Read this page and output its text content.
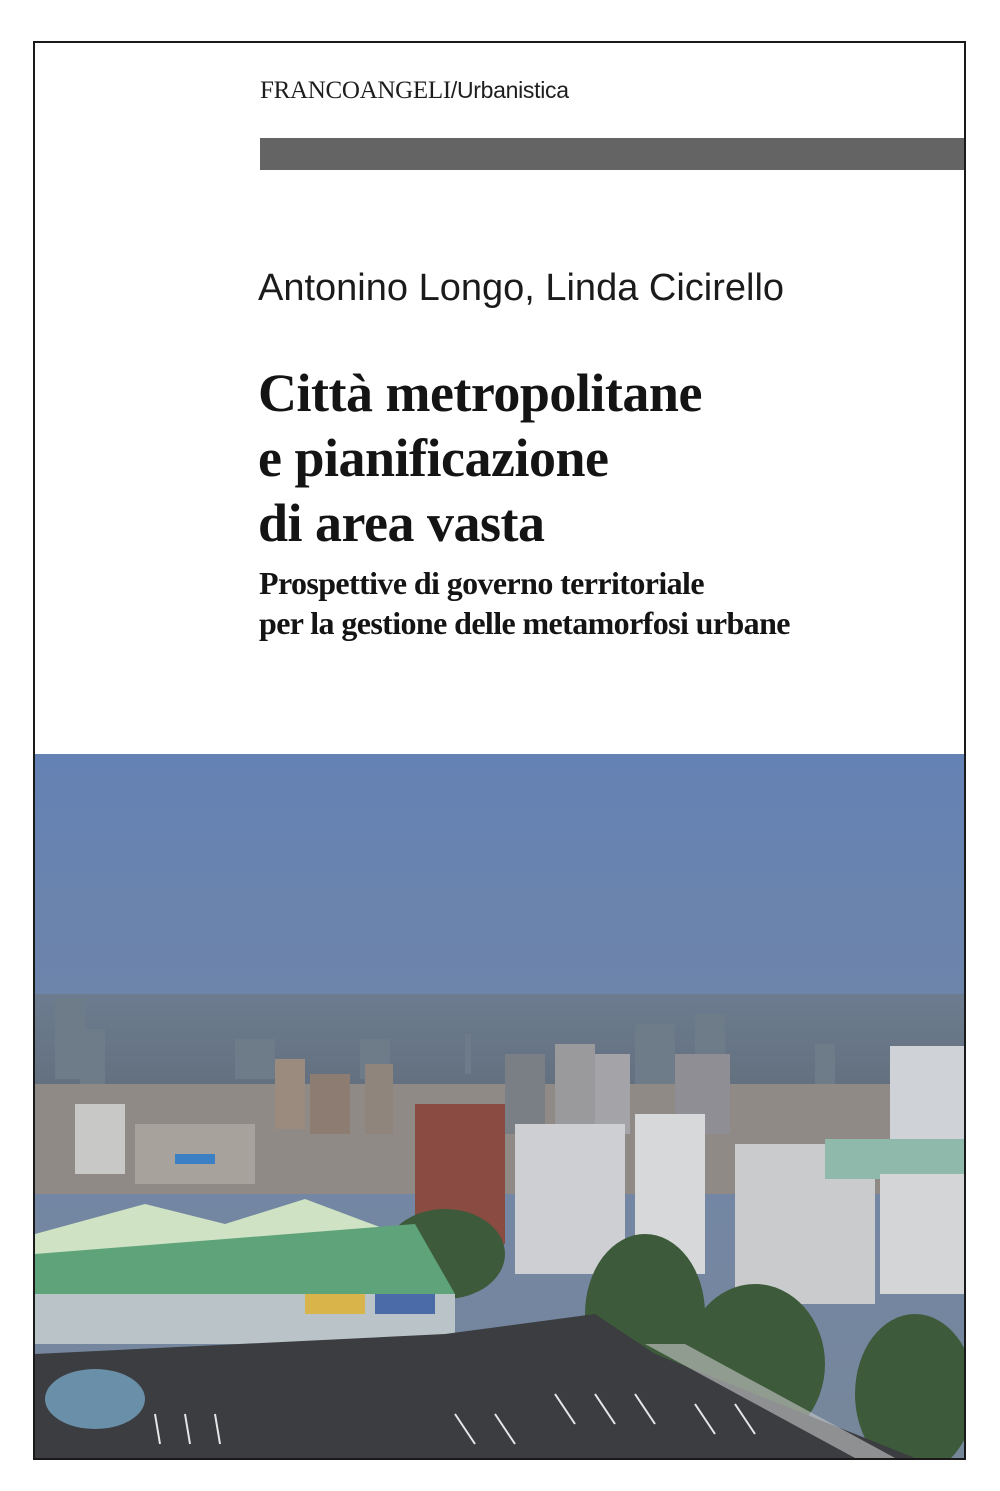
FRANCOANGELI/Urbanistica
Antonino Longo, Linda Cicirello
Città metropolitane
e pianificazione
di area vasta
Prospettive di governo territoriale
per la gestione delle metamorfosi urbane
